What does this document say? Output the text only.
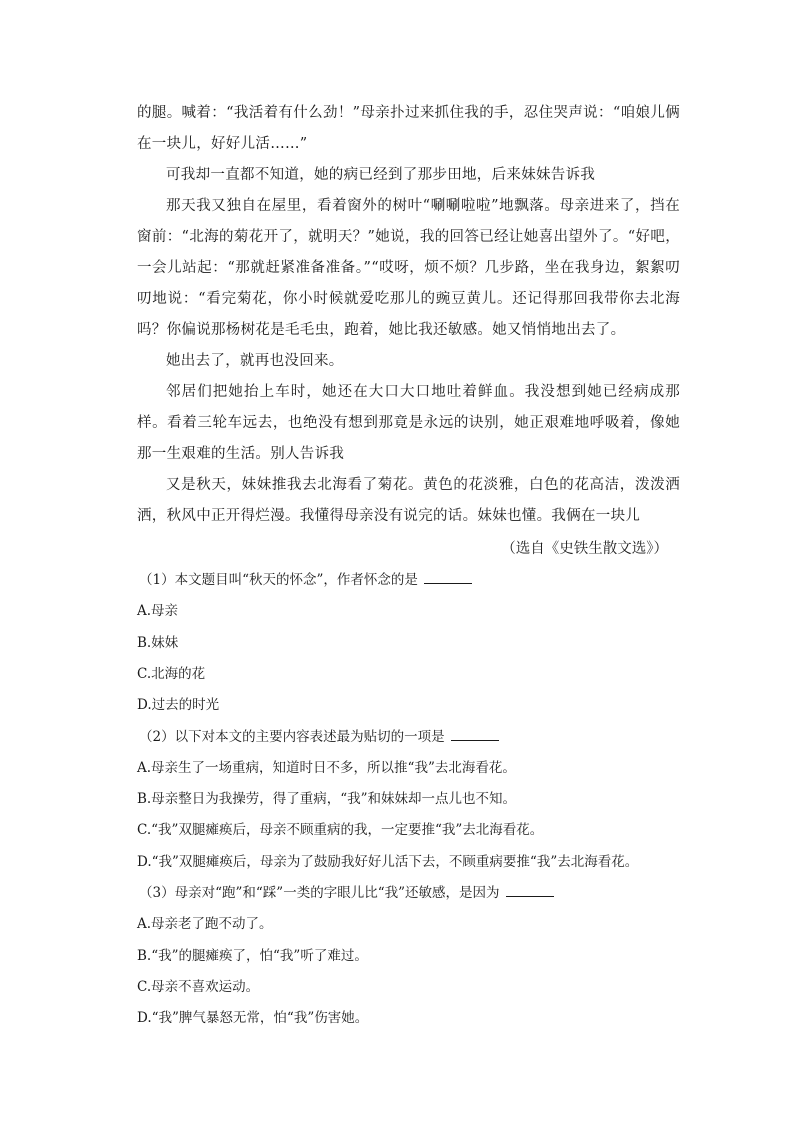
的腿。喊着：“我活着有什么劲！”母亲扑过来抓住我的手，忍住哭声说：“咱娘儿俩在一块儿，好好儿活……”

可我却一直都不知道，她的病已经到了那步田地，后来妹妹告诉我

那天我又独自在屋里，看着窗外的树叶“唰唰啦啦”地飘落。母亲进来了，挡在窗前：“北海的菊花开了，就明天？”她说，我的回答已经让她喜出望外了。“好吧，一会儿站起：“那就赶紧准备准备。”“哎呀，烦不烦？几步路，坐在我身边，絮絮叨叨地说：“看完菊花，你小时候就爱吃那儿的豌豆黄儿。还记得那回我带你去北海吗？你偏说那杨树花是毛毛虫，跑着，她比我还敏感。她又悄悄地出去了。

她出去了，就再也没回来。

邻居们把她抬上车时，她还在大口大口地吐着鲜血。我没想到她已经病成那样。看着三轮车远去，也绝没有想到那竟是永远的诀别，她正艰难地呼吸着，像她那一生艰难的生活。别人告诉我

又是秋天，妹妹推我去北海看了菊花。黄色的花淡雅，白色的花高洁，泼泼洒洒，秋风中正开得烂漫。我懂得母亲没有说完的话。妹妹也懂。我俩在一块儿

（选自《史铁生散文选》）

（1）本文题目叫“秋天的怀念”，作者怀念的是

A.母亲

B.妹妹

C.北海的花

D.过去的时光

（2）以下对本文的主要内容表述最为贴切的一项是

A.母亲生了一场重病，知道时日不多，所以推“我”去北海看花。

B.母亲整日为我操劳，得了重病，“我”和妹妹却一点儿也不知。

C.“我”双腿瘫痪后，母亲不顾重病的我，一定要推“我”去北海看花。

D.“我”双腿瘫痪后，母亲为了鼓励我好好儿活下去，不顾重病要推“我”去北海看花。

（3）母亲对“跑”和“踩”一类的字眼儿比“我”还敏感，是因为

A.母亲老了跑不动了。

B.“我”的腿瘫痪了，怕“我”听了难过。

C.母亲不喜欢运动。

D.“我”脾气暴怒无常，怕“我”伤害她。
